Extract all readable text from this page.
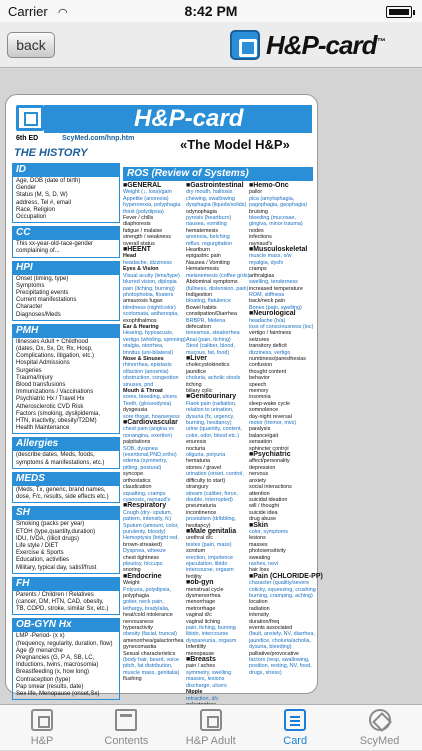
Carrier ◠	8:42 PM
back	H&P-card™
H&P-card
6th ED	ScyMed.com/hnp.htm	«The Model H&P»
THE HISTORY
ID
Age, DOB (date of birth)
Gender
Status (M, S, D, W)
address, Tel #, email
Race, Religion
Occupation
CC
This xx-year-old-race-gender
complaining of...
HPI
Onset (timing, type)
Symptoms
Precipitating events
Current manifestations
Character
Diagnoses/Meds
PMH
Illnesses Adult + Childhood
(dates, Dx, Sx, Dr, Rx, Hosp,
Complications, litigation, etc.)
Hospital Admissions
Surgeries
Trauma/Injury
Blood transfusions
Immunizations / Vaccinations
Psychiatric Hx / Travel Hx
Atherosclerotic CVD Risk
Factors (smoking, dyslipidemia,
HTN, inactivity, obesity/T2DM)
Health Maintenance
Allergies
(describe dates, Meds, foods,
symptoms & manifestations, etc.)
MEDS
(Meds, Tx, generic, brand names,
dose, F/c, results, side effects etc.)
SH
Smoking (packs per year)
ETOH (type,quantity,duration)
IDU, IVDA, (illicit drugs)
Life style / DIET
Exercise & Sports
Education, activities
Military, typical day, satisf/frust
FH
Parents / Children / Relatives
(cancer, DM, HTN, CAD, obesity,
TB, COPD, stroke, similar Sx, etc.)
OB-GYN Hx
LMP -Period- (x x)
(frequency, regularity, duration, flow)
Age @ menarche
Pregnancies (G, P A, SB, LC,
Inductions, twins, macrosomia)
Breastfeeding (x, how long)
Contraception (type)
Pap smear (results, date)
Sex life, Menopause (onset,Sx)
ROS (Review of Systems)
■GENERAL
Weight (↓, loss)/gain
Appetite (anorexia)
hyperorexia, polyphagia
thirst (polydipsia)
Fever / chills
diaphoresis
fatigue / malaise
strength / weakness
overall status
■HEENT
Head
headache, dizziness
Eyes & Vision
Visual acuity (lens/type)
blurred vision, diplopia
pain (itching, burning)
photophobia, floaters
amaurosis fugax
blindness (night/color)
scotomata, asthenopia,
exophthalmos
Ear & Hearing
Hearing, hypoacusis,
vertigo (whirling, spinning)
otalgia, otorrhea,
tinnitus (uni-bilateral)
Nose & Sinuses
rhinorrhea, epistaxis
olfaction (anosmia)
obstruction, congestion
sinuses, pnd
Mouth & Throat
sores, bleeding, ulcers
Teeth, (glossodynia)
dysgeusia
sore throat, hoarseness
■Cardiovascular
chest pain (angina vs
nonangina, exertion)
palpitations
SOB, dyspnea
(exertional,PND,ortho)
edema (symmetry,
pitting, postural)
syncope
orthostatics
claudication
squatting, cramps
cyanosis, raynaud's
■Respiratory
Cough (dry- sputum,
pattern, intensity, fc)
Sputum (amount, color,
purulenty, bloody)
Hemoptysis (bright red,
brown-streaked)
Dyspnea, wheeze
chest tightness
pleurisy, hiccups
snoring
■Endocrine
Weight
Polyuria, polydipsia,
polyphagia
goiter, neck pain,
lethargy, bradylalia,
heat/cold intolerance
nervousness
hyperactivity
obesity (facial, truncal)
amenorrhea/galactorrhea
gynecomastia
Sexual characteristics
(body hair, beard, voice
pitch, fat distribution,
muscle mass, genitalia)
flushing
■Gastrointestinal
dry mouth, halitosis
chewing, swallowing
dysphagia (liquids/solids)
odynophagia
pyrosis (heartburn)
nausea, vomiting
hematemesis
anorexia, belching
reflux, regurgitation
Heartburn
epigastric pain
Nausea / Vomiting
Hematemesis
melanemesis (coffee grds)
Abdominal symptoms
(fullness, distension, pain)
Indigestion
bloating, flatulence
Bowel habits
constipation/Diarrhea
BRBPR, Melena
defecation
tenesmus, steatorrhea
Anal (pain, itching)
Stool (caliber, blood,
mucous, fat, food)
■Liver
cholecystokinetics
jaundice
choluria, acholic stools
itching
biliary colic
■Genitourinary
Flank pain (radiation,
relation to urination,
dysuria (fx, urgency,
burning, hesitancy)
urine (quantity, content,
color, odor, blood etc.)
enuresis
nocturia
oliguria, polyuria
hematuria
stones / gravel
urination (onset, control,
difficulty to start)
strangury
stream (caliber, force,
double, interrupted)
pneumaturia
incontinence
prostatism (dribbling,
hesitancy)
■Male genitalia
urethral d/c
testes (pain, mass)
scrotum
erection, impotence
ejaculation, libido
intercourse, orgasm
fertility
■ob-gyn
menstrual cycle
dysmenorrhea
menorrhage
metrorrhage
vaginal d/c
vaginal itching
pain, itching, burning
libido, intercourse
dyspareunia, orgasm
Infertility
menopause
■Breasts
pain / aches
symmetry, swelling
masses, lesions
discharge, ulcers
Nipple
retraction, d/c
■Hemo-Onc
pallor
pica (amylophagia,
pagophagia, geophagia)
bruising
bleeding (mucosae,
gingiva, minor trauma)
nodes
infections
raynaud's
■Musculoskeletal
muscle mass, s/w
myalgia, dysfx
cramps
arthralgias
swelling, tenderness
increased temperature
ROM, stiffness
back/neck pain
Bones (pain, swelling)
■Neurological
headache (h/a)
loss of consciousness (loc)
vertigo / faintness
seizures
transitory deficit
dizziness, vertigo
numbness/paresthesias
confusion
thought content
behavior
speech
memory
insomnia
sleep-wake cycle
somnolence
day-night reversal
motor (tremor, mvs)
paralysis
balance/gait
sensation
sphincter control
■Psychiatric
affect/personality
depression
nervous
anxiety
social interactions
attention
suicidal ideation
will / thought
suicide idea
drug abuse
■Skin
color, symptoms
lesions
masses
photosensitivity
sweating
rashes, nevi
hair loss
■Pain (CHLORIDE-PP)
character (qualitiy/severe
colicky, squeezing, crushing
burning, cramping, aching)
location
radiation
intensity
duration/freq
events associated
(fault, anxiety, NV, diarrhea,
jaundice, choluria/acholia,
dysuria, bleeding)
palliative/provocative
factors (resp, swallowing,
position, resting, NV, food,
drugs, stress)
H&P	Contents	H&P Adult	Card	ScyMed
